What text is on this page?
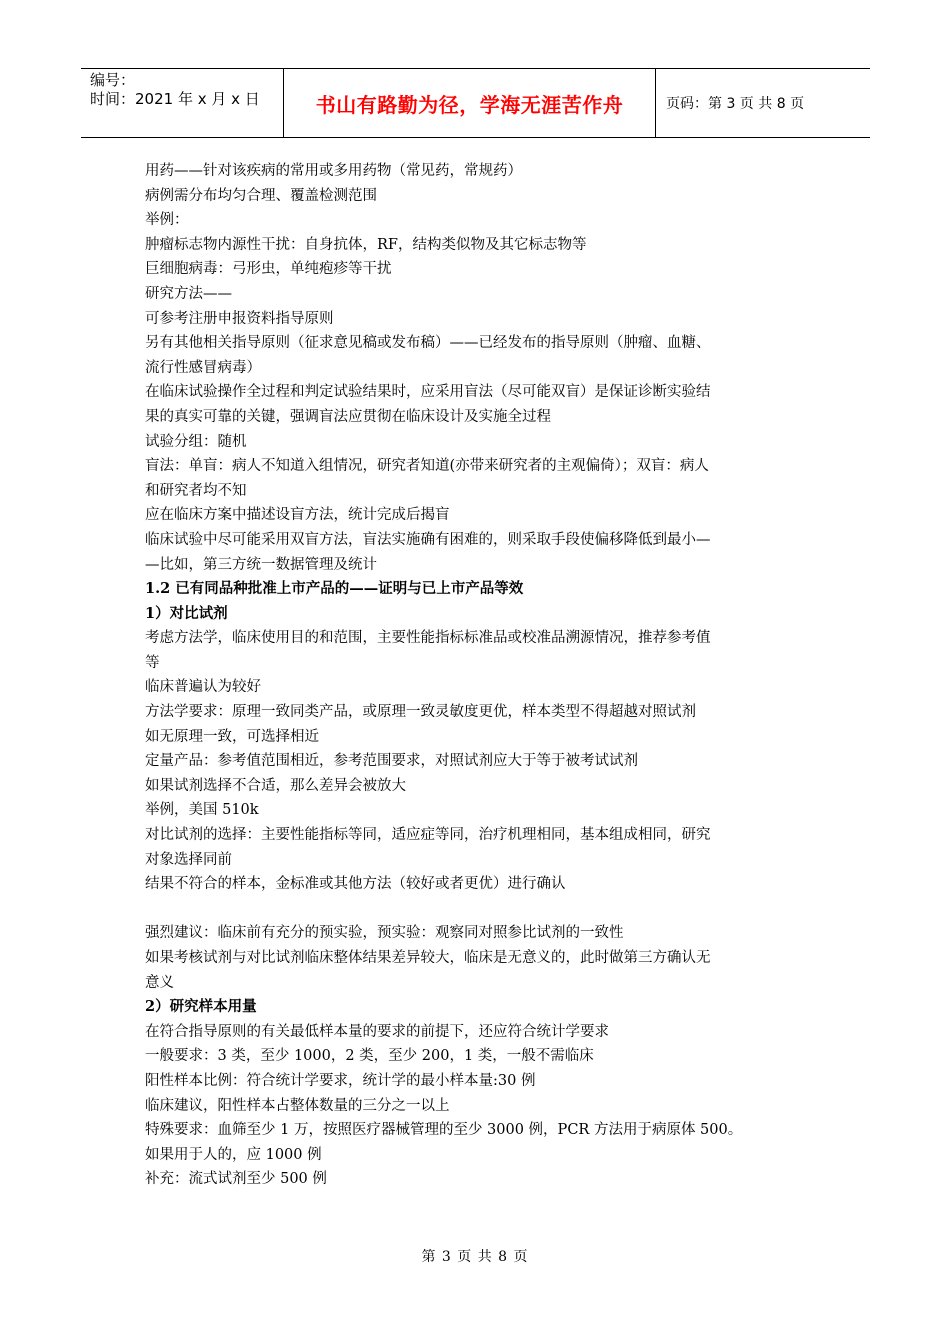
编号：
时间：2021 年 x 月 x 日	书山有路勤为径，学海无涯苦作舟	页码：第 3 页 共 8 页

用药——针对该疾病的常用或多用药物（常见药，常规药）

病例需分布均匀合理、覆盖检测范围

举例：

肿瘤标志物内源性干扰：自身抗体，RF，结构类似物及其它标志物等

巨细胞病毒：弓形虫，单纯疱疹等干扰

研究方法——

可参考注册申报资料指导原则

另有其他相关指导原则（征求意见稿或发布稿）——已经发布的指导原则（肿瘤、血糖、

流行性感冒病毒）

在临床试验操作全过程和判定试验结果时，应采用盲法（尽可能双盲）是保证诊断实验结

果的真实可靠的关键，强调盲法应贯彻在临床设计及实施全过程

试验分组：随机

盲法：单盲：病人不知道入组情况，研究者知道(亦带来研究者的主观偏倚）；双盲：病人

和研究者均不知

应在临床方案中描述设盲方法，统计完成后揭盲

临床试验中尽可能采用双盲方法，盲法实施确有困难的，则采取手段使偏移降低到最小—

—比如，第三方统一数据管理及统计

1.2 已有同品种批准上市产品的——证明与已上市产品等效

1）对比试剂

考虑方法学，临床使用目的和范围，主要性能指标标准品或校准品溯源情况，推荐参考值

等

临床普遍认为较好

方法学要求：原理一致同类产品，或原理一致灵敏度更优，样本类型不得超越对照试剂

如无原理一致，可选择相近

定量产品：参考值范围相近，参考范围要求，对照试剂应大于等于被考试试剂

如果试剂选择不合适，那么差异会被放大

举例，美国 510k

对比试剂的选择：主要性能指标等同，适应症等同，治疗机理相同，基本组成相同，研究

对象选择同前

结果不符合的样本，金标准或其他方法（较好或者更优）进行确认

强烈建议：临床前有充分的预实验，预实验：观察同对照参比试剂的一致性

如果考核试剂与对比试剂临床整体结果差异较大，临床是无意义的，此时做第三方确认无

意义

2）研究样本用量

在符合指导原则的有关最低样本量的要求的前提下，还应符合统计学要求

一般要求：3 类，至少 1000，2 类，至少 200，1 类，一般不需临床

阳性样本比例：符合统计学要求，统计学的最小样本量:30 例

临床建议，阳性样本占整体数量的三分之一以上

特殊要求：血筛至少 1 万，按照医疗器械管理的至少 3000 例，PCR 方法用于病原体 500。

如果用于人的，应 1000 例

补充：流式试剂至少 500 例

第 3 页 共 8 页
